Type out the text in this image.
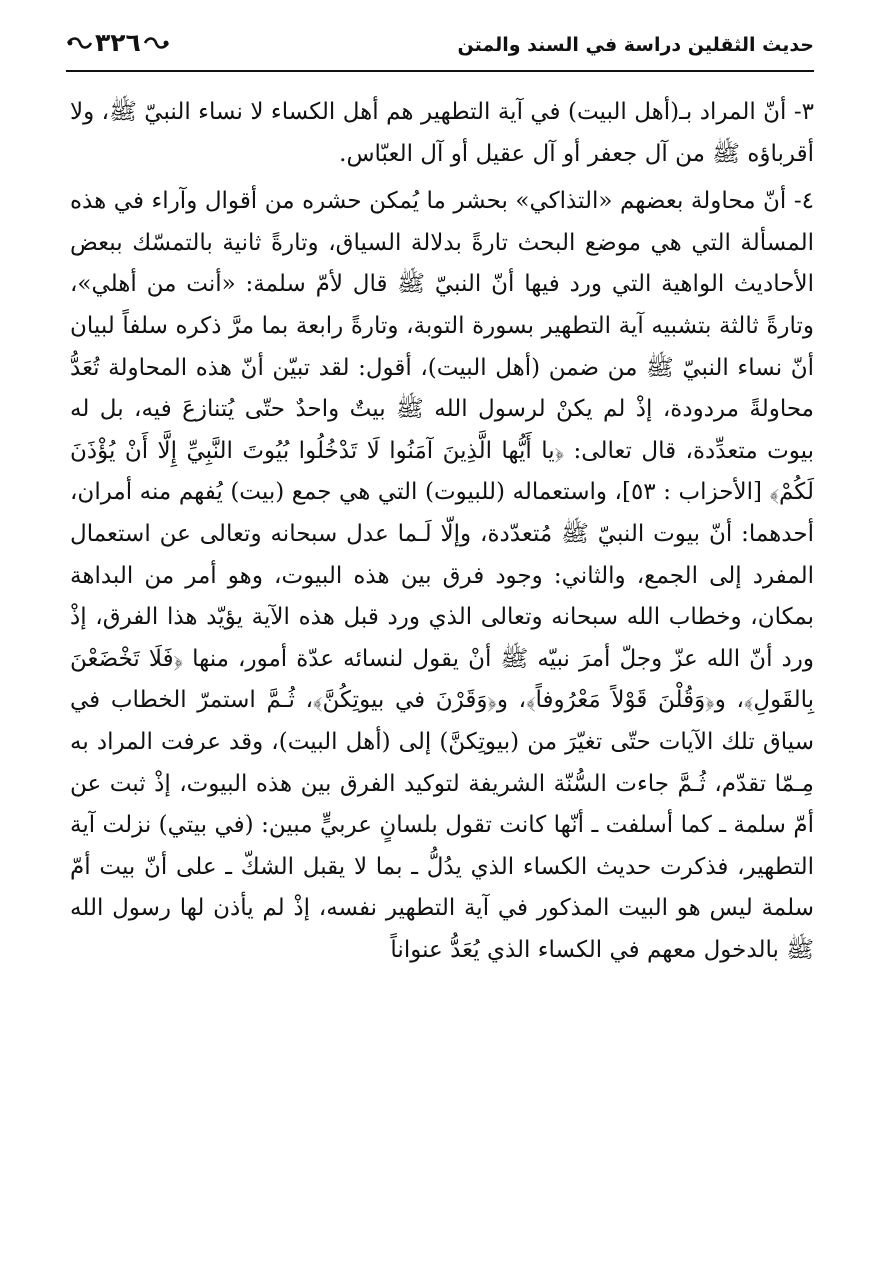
حديث الثقلين دراسة في السند والمتن
٣٢٦

٣- أنّ المراد بـ(أهل البيت) في آية التطهير هم أهل الكساء لا نساء النبيّ ﷺ، ولا أقرباؤه ﷺ من آل جعفر أو آل عقيل أو آل العبّاس.

٤- أنّ محاولة بعضهم «التذاكي» بحشر ما يُمكن حشره من أقوال وآراء في هذه المسألة التي هي موضع البحث تارةً بدلالة السياق، وتارةً ثانية بالتمسّك ببعض الأحاديث الواهية التي ورد فيها أنّ النبيّ ﷺ قال لأمّ سلمة: «أنت من أهلي»، وتارةً ثالثة بتشبيه آية التطهير بسورة التوبة، وتارةً رابعة بما مرَّ ذكره سلفاً لبيان أنّ نساء النبيّ ﷺ من ضمن (أهل البيت)، أقول: لقد تبيّن أنّ هذه المحاولة تُعَدُّ محاولةً مردودة، إذْ لم يكنْ لرسول الله ﷺ بيتٌ واحدٌ حتّى يُتنازعَ فيه، بل له بيوت متعدِّدة، قال تعالى: ﴿يا أَيُّها الَّذِينَ آمَنُوا لَا تَدْخُلُوا بُيُوتَ النَّبِيِّ إِلَّا أَنْ يُؤْذَنَ لَكُمْ﴾ [الأحزاب : ٥٣]، واستعماله (للبيوت) التي هي جمع (بيت) يُفهم منه أمران، أحدهما: أنّ بيوت النبيّ ﷺ مُتعدّدة، وإلّا لَـما عدل سبحانه وتعالى عن استعمال المفرد إلى الجمع، والثاني: وجود فرق بين هذه البيوت، وهو أمر من البداهة بمكان، وخطاب الله سبحانه وتعالى الذي ورد قبل هذه الآية يؤيّد هذا الفرق، إذْ ورد أنّ الله عزّ وجلّ أمرَ نبيّه ﷺ أنْ يقول لنسائه عدّة أمور، منها ﴿فَلَا تَخْضَعْنَ بِالقَولِ﴾، و﴿وَقُلْنَ قَوْلاً مَعْرُوفاً﴾، و﴿وَقَرْنَ في بيوتِكُنَّ﴾، ثُـمَّ استمرّ الخطاب في سياق تلك الآيات حتّى تغيّرَ من (بيوتِكنَّ) إلى (أهل البيت)، وقد عرفت المراد به مِـمّا تقدّم، ثُـمَّ جاءت السُّنّة الشريفة لتوكيد الفرق بين هذه البيوت، إذْ ثبت عن أمّ سلمة ـ كما أسلفت ـ أنّها كانت تقول بلسانٍ عربيٍّ مبين: (في بيتي) نزلت آية التطهير، فذكرت حديث الكساء الذي يدُلُّ ـ بما لا يقبل الشكّ ـ على أنّ بيت أمّ سلمة ليس هو البيت المذكور في آية التطهير نفسه، إذْ لم يأذن لها رسول الله ﷺ بالدخول معهم في الكساء الذي يُعَدُّ عنواناً
